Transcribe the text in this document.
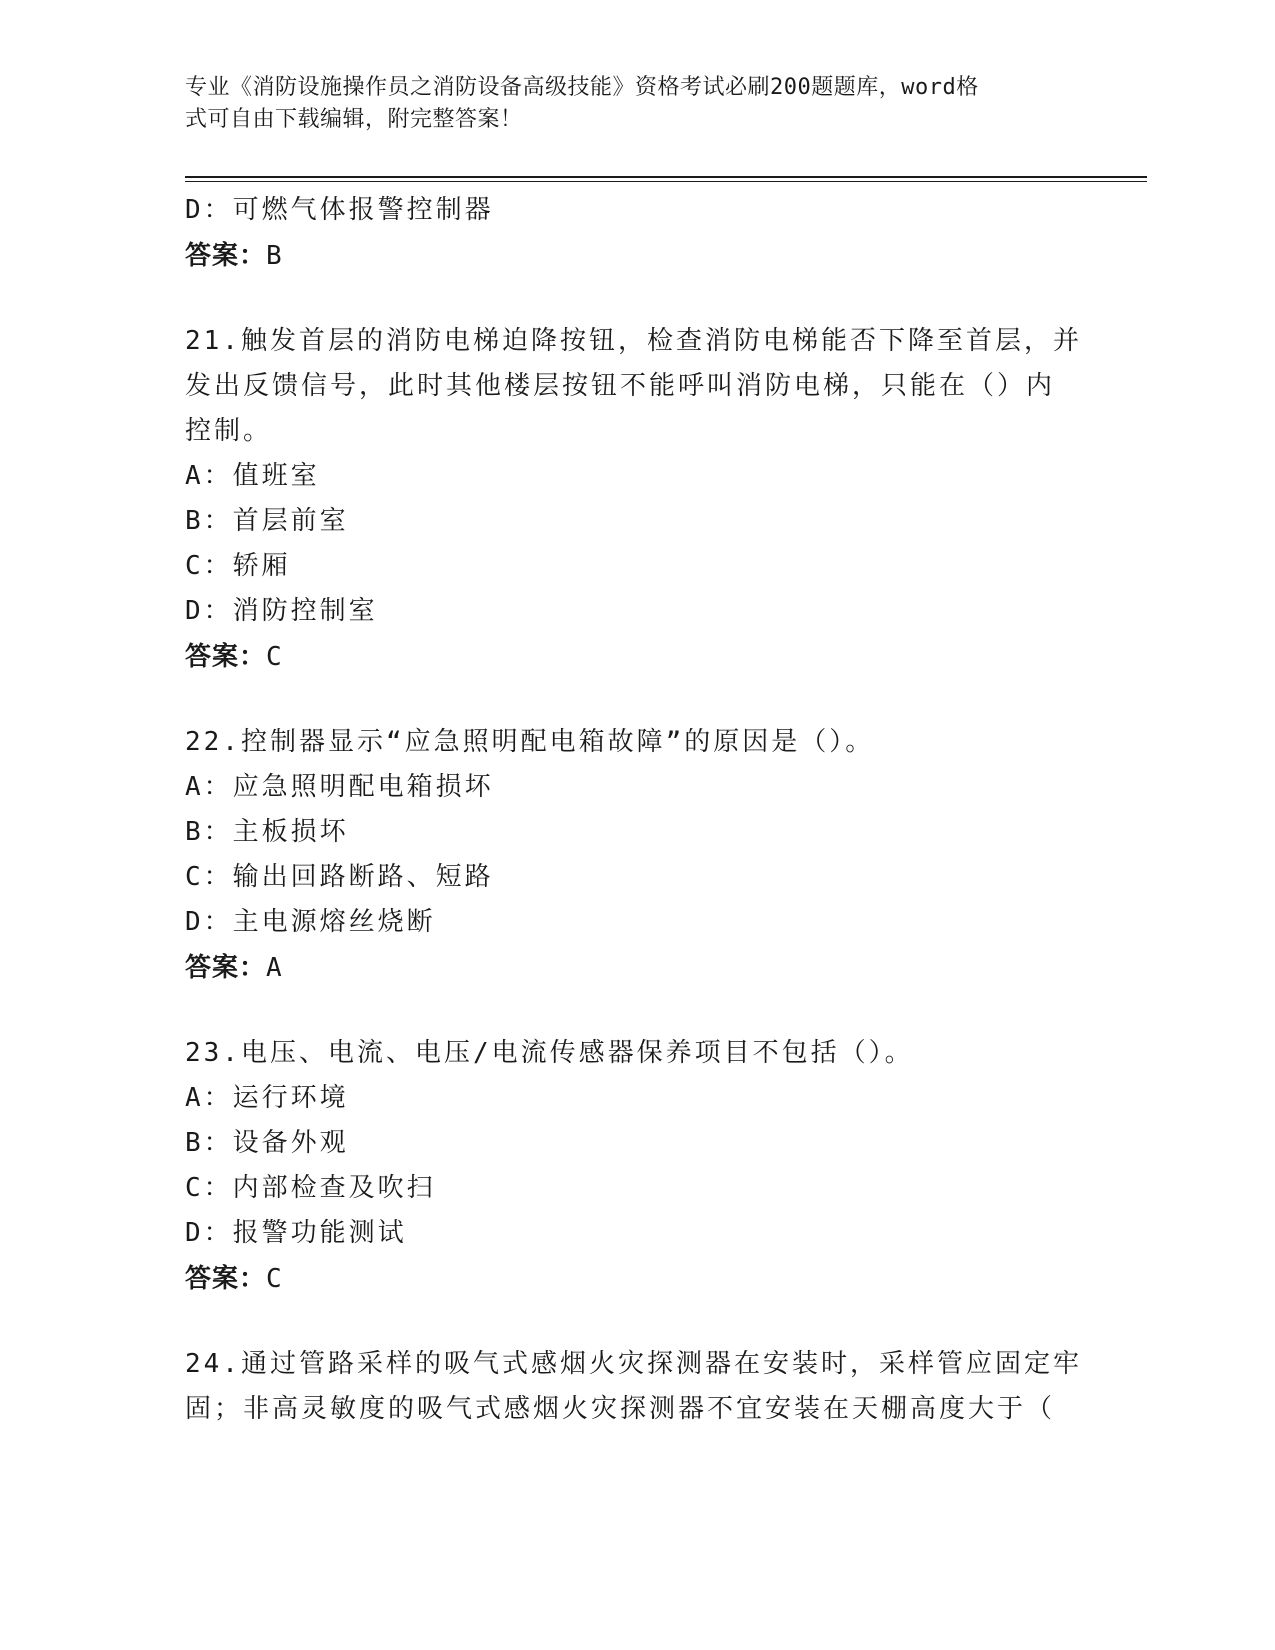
专业《消防设施操作员之消防设备高级技能》资格考试必刷200题题库，word格
式可自由下载编辑，附完整答案！
D：可燃气体报警控制器
答案：B
21.触发首层的消防电梯迫降按钮，检查消防电梯能否下降至首层，并
发出反馈信号，此时其他楼层按钮不能呼叫消防电梯，只能在（）内
控制。
A：值班室
B：首层前室
C：轿厢
D：消防控制室
答案：C
22.控制器显示“应急照明配电箱故障”的原因是（）。
A：应急照明配电箱损坏
B：主板损坏
C：输出回路断路、短路
D：主电源熔丝烧断
答案：A
23.电压、电流、电压/电流传感器保养项目不包括（）。
A：运行环境
B：设备外观
C：内部检查及吹扫
D：报警功能测试
答案：C
24.通过管路采样的吸气式感烟火灾探测器在安装时，采样管应固定牢
固；非高灵敏度的吸气式感烟火灾探测器不宜安装在天棚高度大于（
